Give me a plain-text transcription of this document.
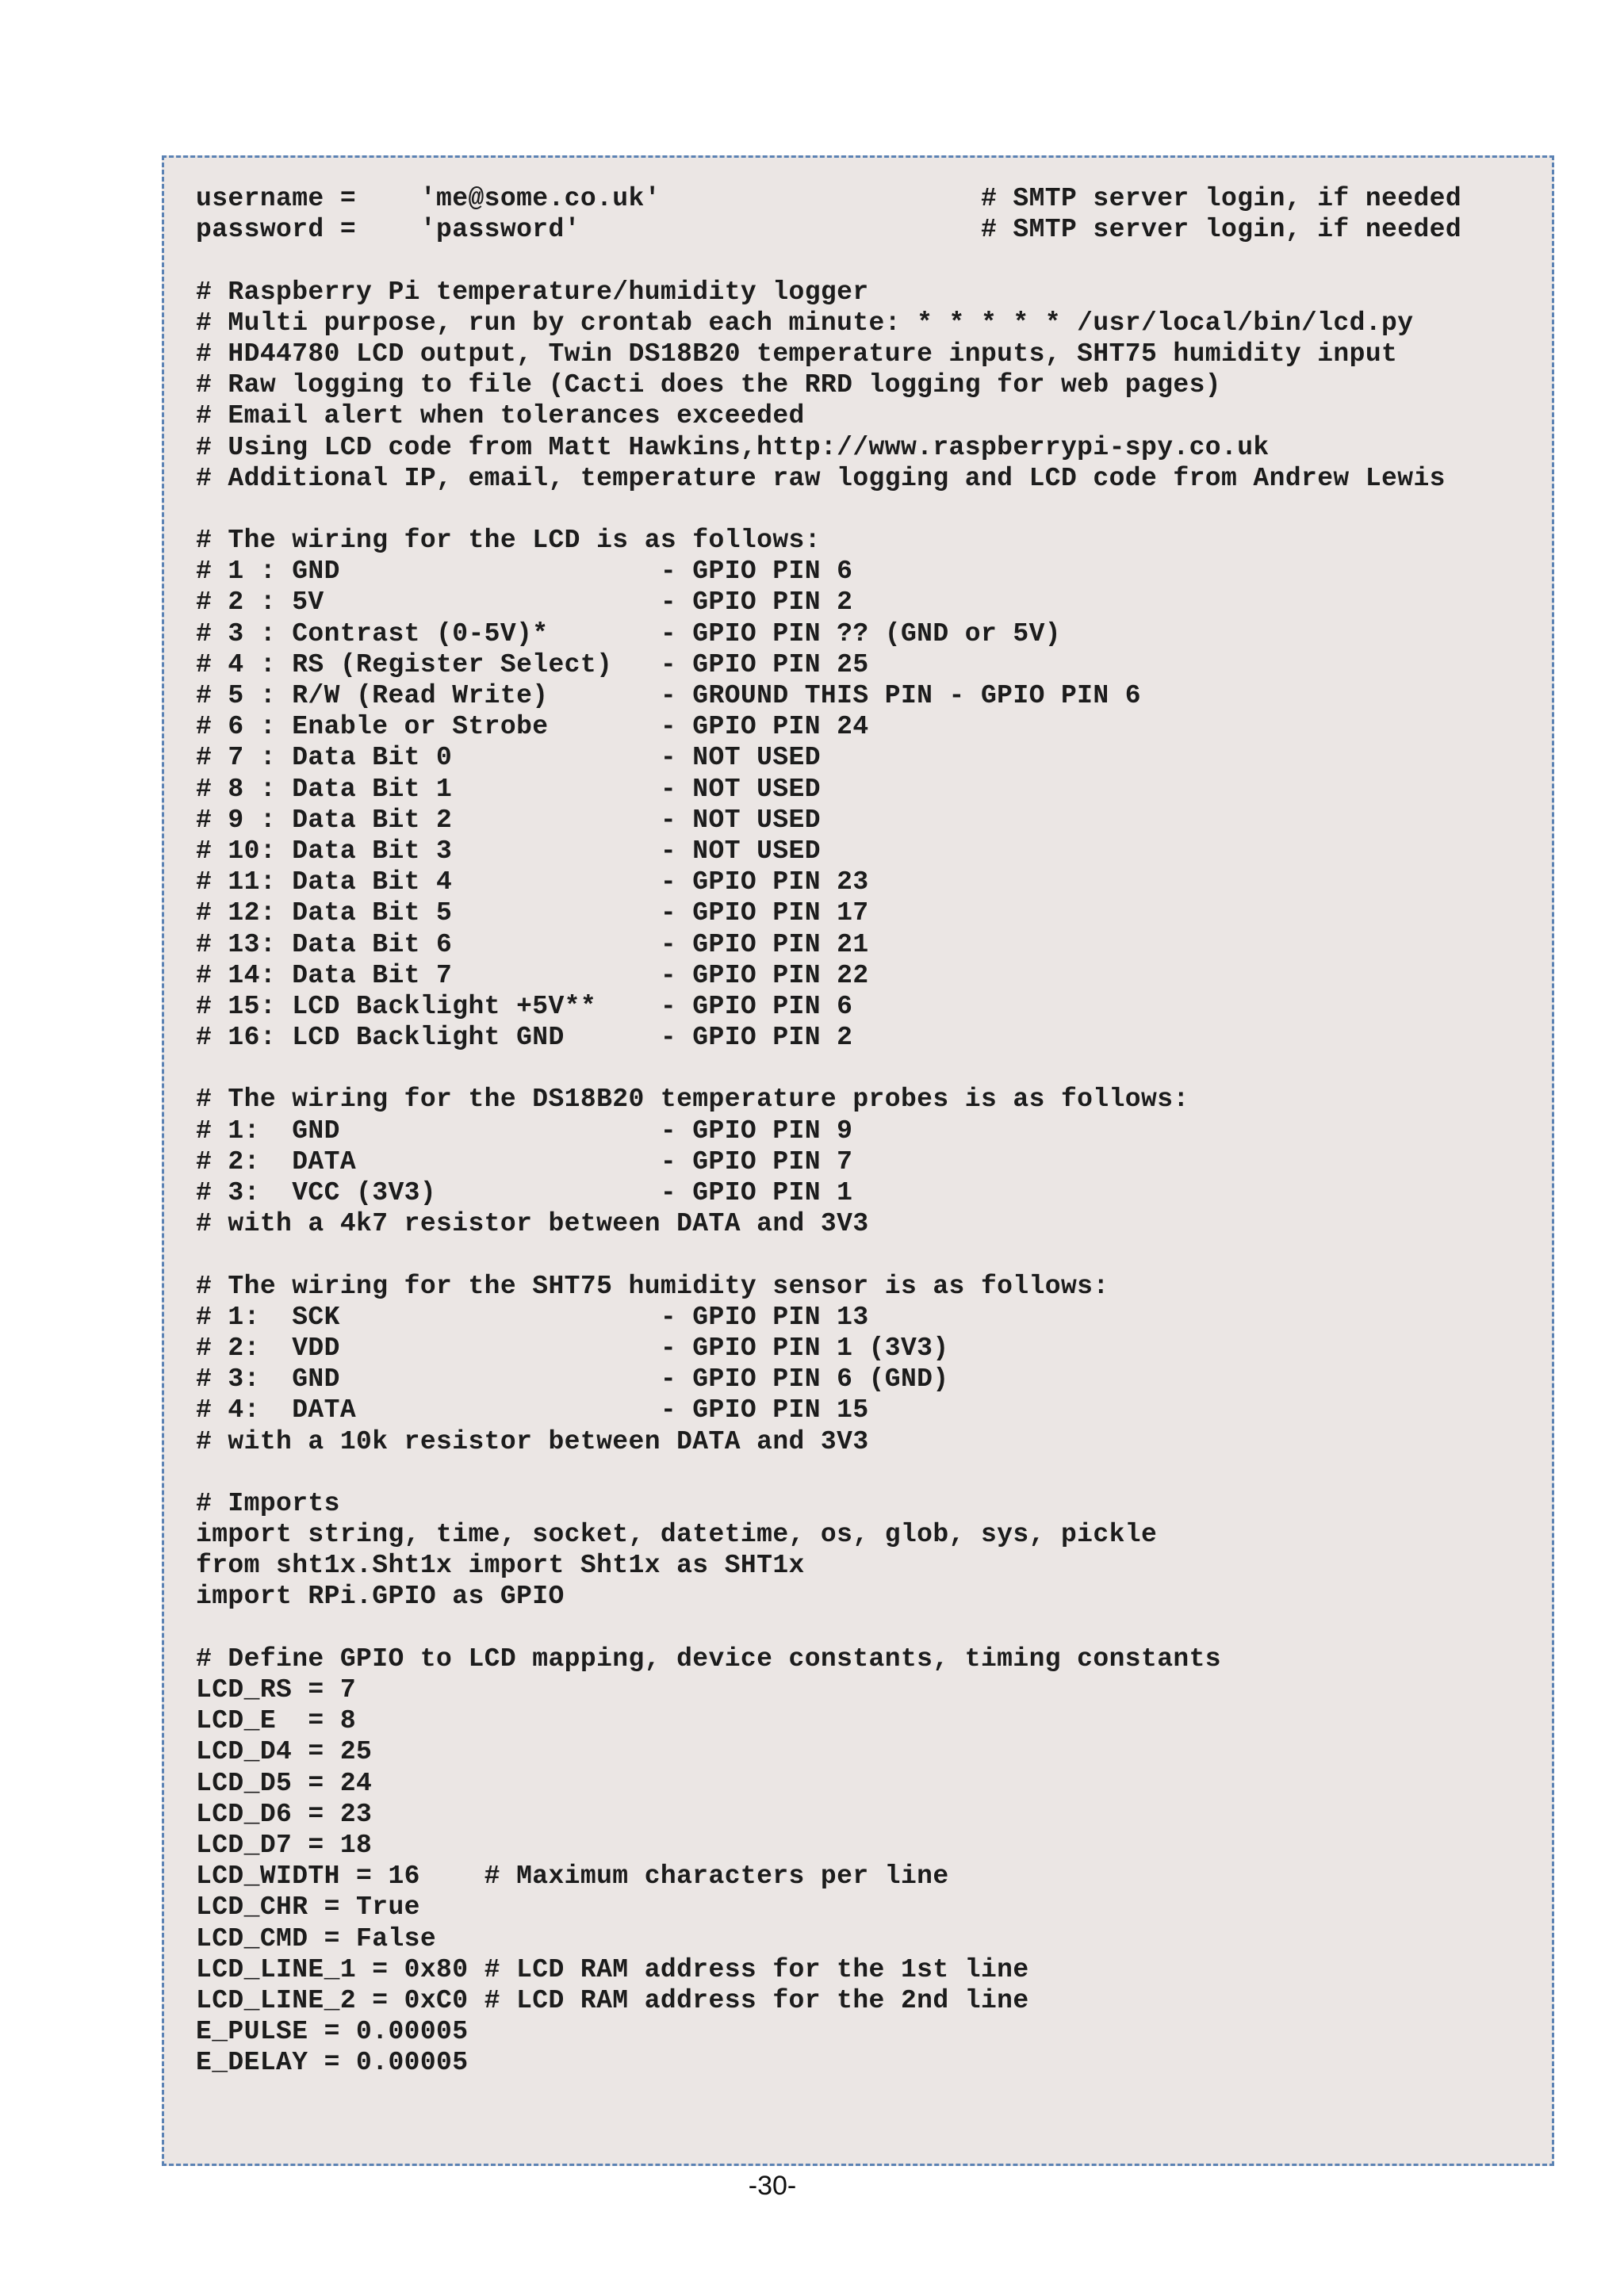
username =    'me@some.co.uk'                    # SMTP server login, if needed
password =    'password'                         # SMTP server login, if needed
# Raspberry Pi temperature/humidity logger
# Multi purpose, run by crontab each minute: * * * * * /usr/local/bin/lcd.py
# HD44780 LCD output, Twin DS18B20 temperature inputs, SHT75 humidity input
# Raw logging to file (Cacti does the RRD logging for web pages)
# Email alert when tolerances exceeded
# Using LCD code from Matt Hawkins,http://www.raspberrypi-spy.co.uk
# Additional IP, email, temperature raw logging and LCD code from Andrew Lewis
# The wiring for the LCD is as follows:
# 1 : GND                    - GPIO PIN 6
# 2 : 5V                     - GPIO PIN 2
# 3 : Contrast (0-5V)*       - GPIO PIN ?? (GND or 5V)
# 4 : RS (Register Select)   - GPIO PIN 25
# 5 : R/W (Read Write)       - GROUND THIS PIN - GPIO PIN 6
# 6 : Enable or Strobe       - GPIO PIN 24
# 7 : Data Bit 0             - NOT USED
# 8 : Data Bit 1             - NOT USED
# 9 : Data Bit 2             - NOT USED
# 10: Data Bit 3             - NOT USED
# 11: Data Bit 4             - GPIO PIN 23
# 12: Data Bit 5             - GPIO PIN 17
# 13: Data Bit 6             - GPIO PIN 21
# 14: Data Bit 7             - GPIO PIN 22
# 15: LCD Backlight +5V**    - GPIO PIN 6
# 16: LCD Backlight GND      - GPIO PIN 2
# The wiring for the DS18B20 temperature probes is as follows:
# 1:  GND                    - GPIO PIN 9
# 2:  DATA                   - GPIO PIN 7
# 3:  VCC (3V3)              - GPIO PIN 1
# with a 4k7 resistor between DATA and 3V3
# The wiring for the SHT75 humidity sensor is as follows:
# 1:  SCK                    - GPIO PIN 13
# 2:  VDD                    - GPIO PIN 1 (3V3)
# 3:  GND                    - GPIO PIN 6 (GND)
# 4:  DATA                   - GPIO PIN 15
# with a 10k resistor between DATA and 3V3
# Imports
import string, time, socket, datetime, os, glob, sys, pickle
from sht1x.Sht1x import Sht1x as SHT1x
import RPi.GPIO as GPIO
# Define GPIO to LCD mapping, device constants, timing constants
LCD_RS = 7
LCD_E  = 8
LCD_D4 = 25
LCD_D5 = 24
LCD_D6 = 23
LCD_D7 = 18
LCD_WIDTH = 16    # Maximum characters per line
LCD_CHR = True
LCD_CMD = False
LCD_LINE_1 = 0x80 # LCD RAM address for the 1st line
LCD_LINE_2 = 0xC0 # LCD RAM address for the 2nd line
E_PULSE = 0.00005
E_DELAY = 0.00005
-30-
